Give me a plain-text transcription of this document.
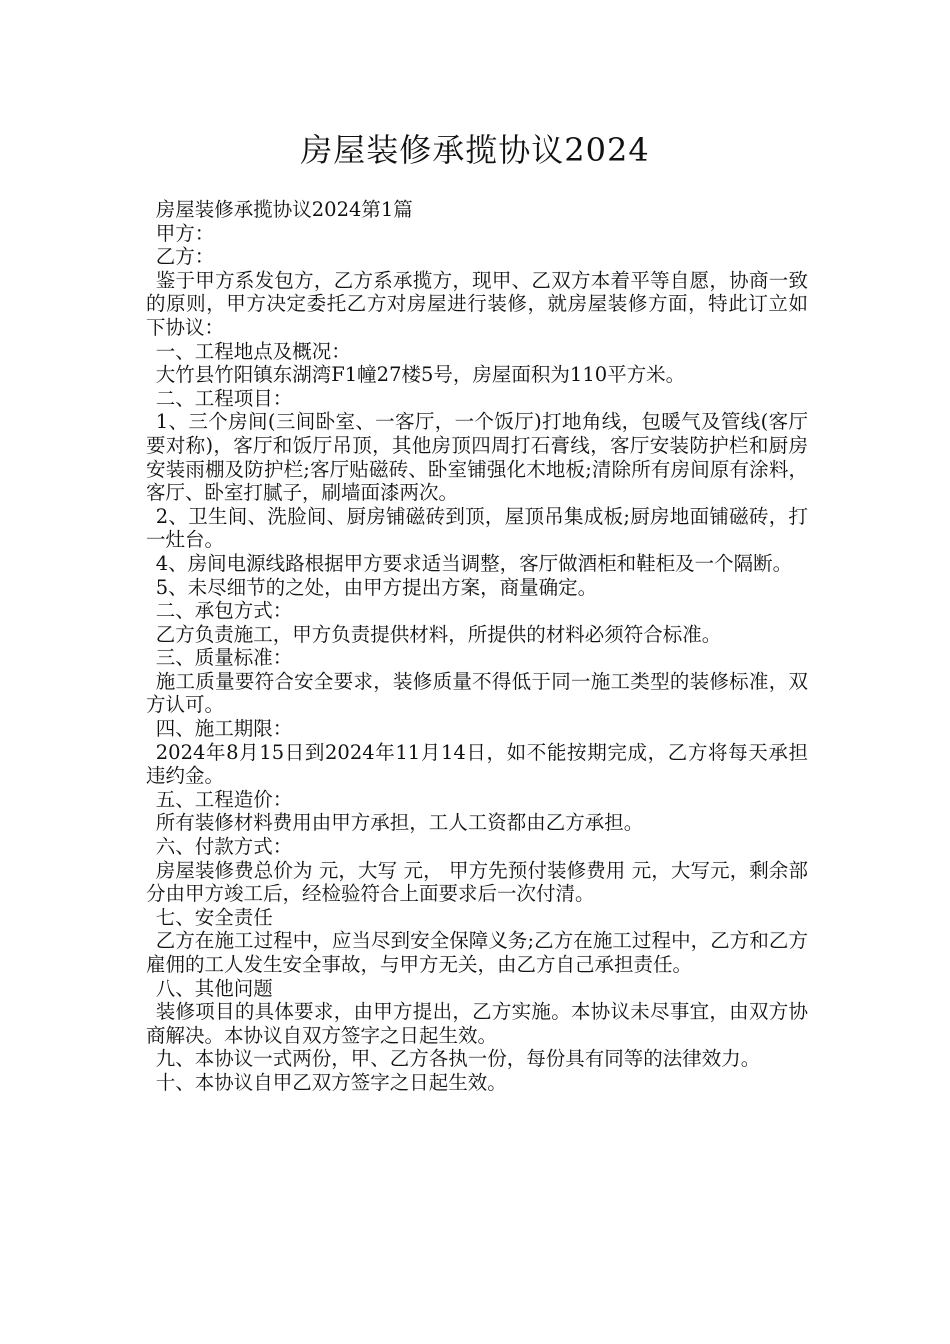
房屋装修承揽协议2024

房屋装修承揽协议2024第1篇

甲方：

乙方：

鉴于甲方系发包方，乙方系承揽方，现甲、乙双方本着平等自愿，协商一致的原则，甲方决定委托乙方对房屋进行装修，就房屋装修方面，特此订立如下协议：

一、工程地点及概况：

大竹县竹阳镇东湖湾F1幢27楼5号，房屋面积为110平方米。

二、工程项目：

1、三个房间(三间卧室、一客厅，一个饭厅)打地角线，包暖气及管线(客厅要对称)，客厅和饭厅吊顶，其他房顶四周打石膏线，客厅安装防护栏和厨房安装雨棚及防护栏;客厅贴磁砖、卧室铺强化木地板;清除所有房间原有涂料，客厅、卧室打腻子，刷墙面漆两次。

2、卫生间、洗脸间、厨房铺磁砖到顶，屋顶吊集成板;厨房地面铺磁砖，打一灶台。

4、房间电源线路根据甲方要求适当调整，客厅做酒柜和鞋柜及一个隔断。

5、未尽细节的之处，由甲方提出方案，商量确定。

二、承包方式：

乙方负责施工，甲方负责提供材料，所提供的材料必须符合标准。

三、质量标准：

施工质量要符合安全要求，装修质量不得低于同一施工类型的装修标准，双方认可。

四、施工期限：

2024年8月15日到2024年11月14日，如不能按期完成，乙方将每天承担 违约金。

五、工程造价：

所有装修材料费用由甲方承担，工人工资都由乙方承担。

六、付款方式：

房屋装修费总价为 元，大写 元， 甲方先预付装修费用 元，大写元，剩余部分由甲方竣工后，经检验符合上面要求后一次付清。

七、安全责任

乙方在施工过程中，应当尽到安全保障义务;乙方在施工过程中，乙方和乙方雇佣的工人发生安全事故，与甲方无关，由乙方自己承担责任。

八、其他问题

装修项目的具体要求，由甲方提出，乙方实施。本协议未尽事宜，由双方协商解决。本协议自双方签字之日起生效。

九、本协议一式两份，甲、乙方各执一份，每份具有同等的法律效力。

十、本协议自甲乙双方签字之日起生效。
